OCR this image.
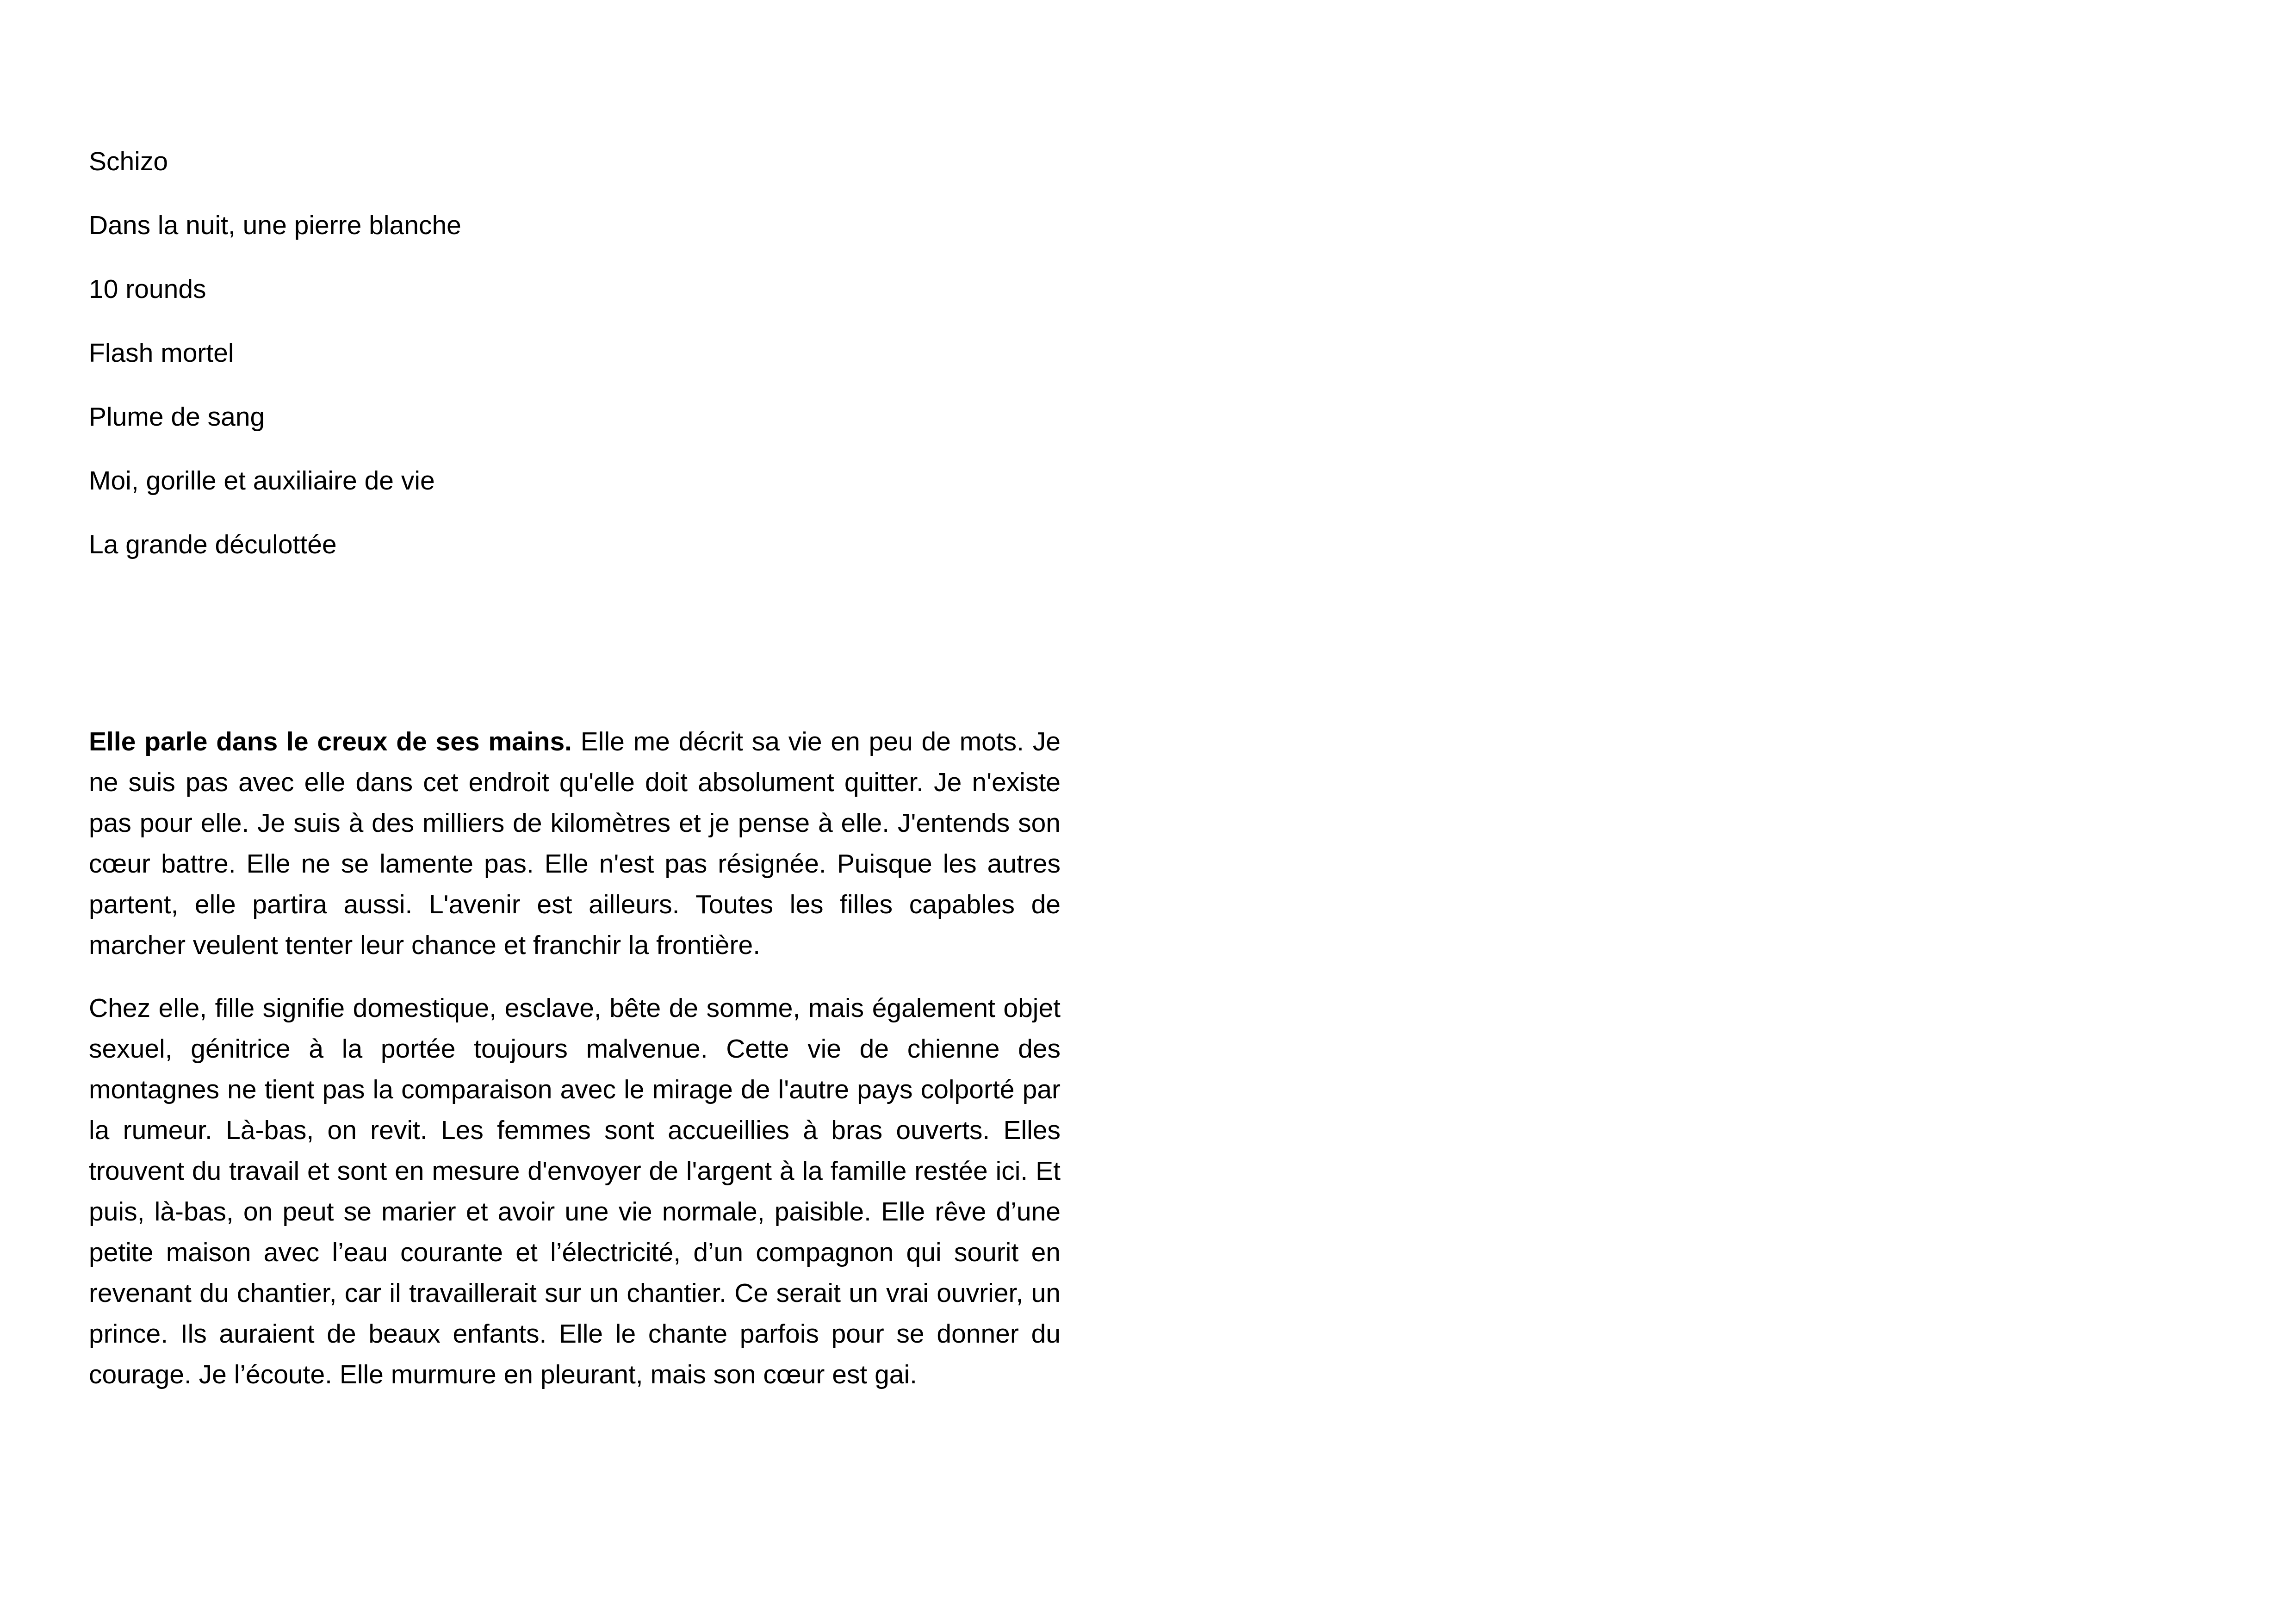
Schizo
Dans la nuit, une pierre blanche
10 rounds
Flash mortel
Plume de sang
Moi, gorille et auxiliaire de vie
La grande déculottée

Elle parle dans le creux de ses mains. Elle me décrit sa vie en peu de mots. Je ne suis pas avec elle dans cet endroit qu'elle doit absolument quitter. Je n'existe pas pour elle. Je suis à des milliers de kilomètres et je pense à elle. J'entends son cœur battre. Elle ne se lamente pas. Elle n'est pas résignée. Puisque les autres partent, elle partira aussi. L'avenir est ailleurs. Toutes les filles capables de marcher veulent tenter leur chance et franchir la frontière.

Chez elle, fille signifie domestique, esclave, bête de somme, mais également objet sexuel, génitrice à la portée toujours malvenue. Cette vie de chienne des montagnes ne tient pas la comparaison avec le mirage de l'autre pays colporté par la rumeur. Là-bas, on revit. Les femmes sont accueillies à bras ouverts. Elles trouvent du travail et sont en mesure d'envoyer de l'argent à la famille restée ici. Et puis, là-bas, on peut se marier et avoir une vie normale, paisible. Elle rêve d’une petite maison avec l’eau courante et l’électricité, d’un compagnon qui sourit en revenant du chantier, car il travaillerait sur un chantier. Ce serait un vrai ouvrier, un prince. Ils auraient de beaux enfants. Elle le chante parfois pour se donner du courage. Je l’écoute. Elle murmure en pleurant, mais son cœur est gai.
